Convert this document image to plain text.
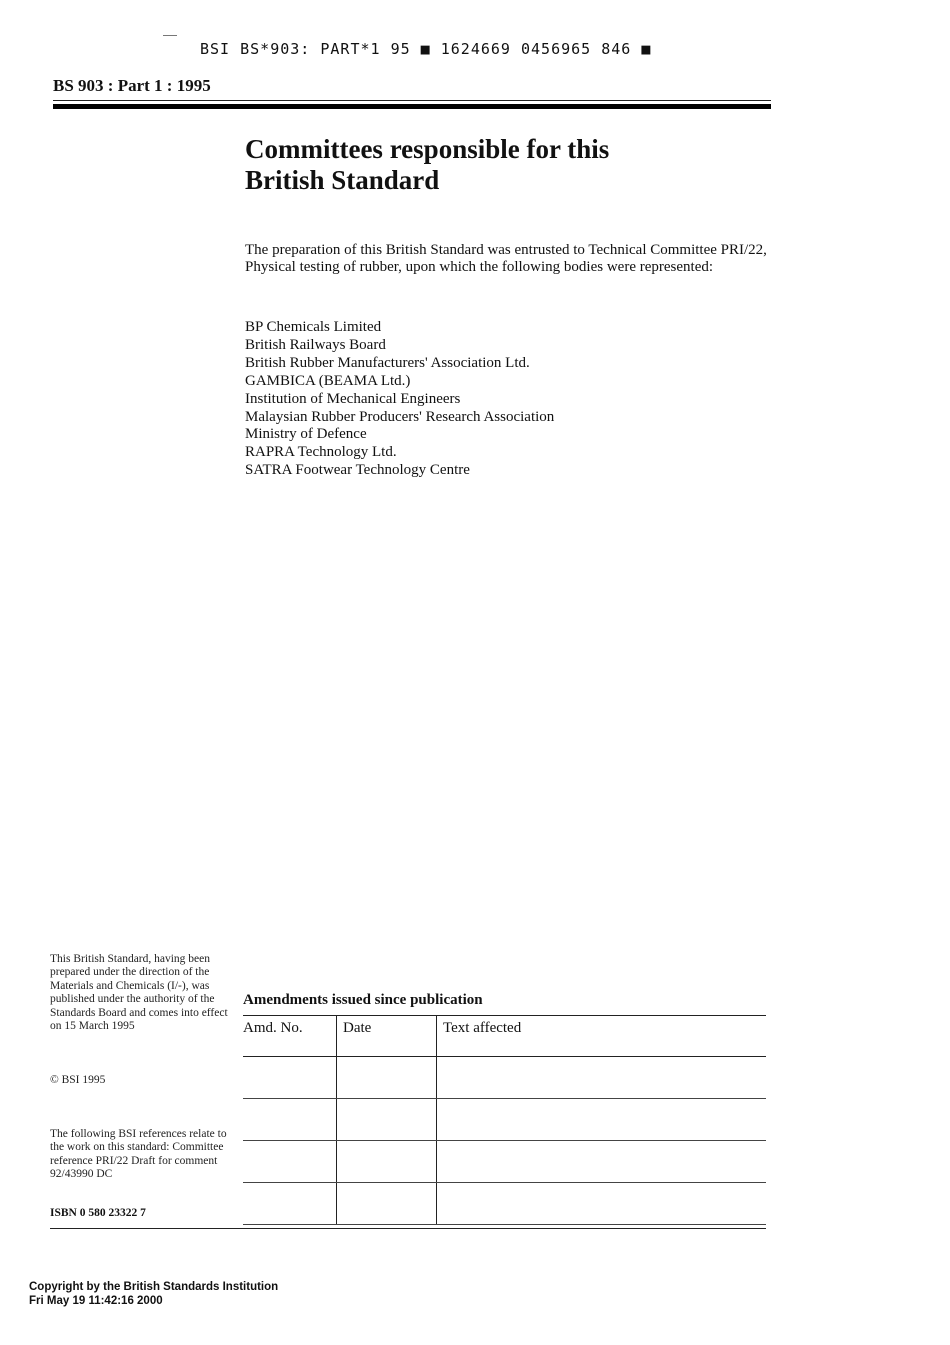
BSI BS*903: PART*1 95 ■ 1624669 0456965 846 ■
BS 903 : Part 1 : 1995
Committees responsible for this
British Standard
The preparation of this British Standard was entrusted to Technical Committee PRI/22, Physical testing of rubber, upon which the following bodies were represented:
BP Chemicals Limited
British Railways Board
British Rubber Manufacturers' Association Ltd.
GAMBICA (BEAMA Ltd.)
Institution of Mechanical Engineers
Malaysian Rubber Producers' Research Association
Ministry of Defence
RAPRA Technology Ltd.
SATRA Footwear Technology Centre
This British Standard, having been prepared under the direction of the Materials and Chemicals (I/-), was published under the authority of the Standards Board and comes into effect on 15 March 1995
© BSI 1995
The following BSI references relate to the work on this standard: Committee reference PRI/22 Draft for comment 92/43990 DC
ISBN 0 580 23322 7
Amendments issued since publication
Amd. No.	Date	Text affected

Copyright by the British Standards Institution
Fri May 19 11:42:16 2000
